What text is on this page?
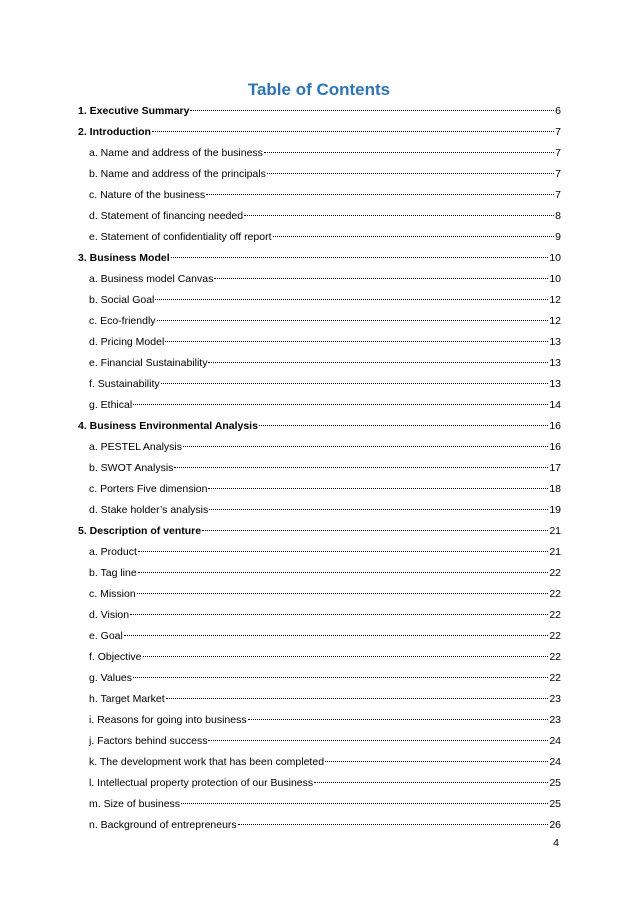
Table of Contents
1. Executive Summary	6
2. Introduction	7
a. Name and address of the business	7
b. Name and address of the principals	7
c. Nature of the business	7
d. Statement of financing needed	8
e. Statement of confidentiality off report	9
3. Business Model	10
a. Business model Canvas	10
b. Social Goal	12
c. Eco-friendly	12
d. Pricing Model	13
e. Financial Sustainability	13
f. Sustainability	13
g. Ethical	14
4. Business Environmental Analysis	16
a. PESTEL Analysis	16
b. SWOT Analysis	17
c. Porters Five dimension	18
d. Stake holder’s analysis	19
5. Description of venture	21
a. Product	21
b. Tag line	22
c. Mission	22
d. Vision	22
e. Goal	22
f. Objective	22
g. Values	22
h. Target Market	23
i. Reasons for going into business	23
j. Factors behind success	24
k. The development work that has been completed	24
l. Intellectual property protection of our Business	25
m. Size of business	25
n. Background of entrepreneurs	26
4
